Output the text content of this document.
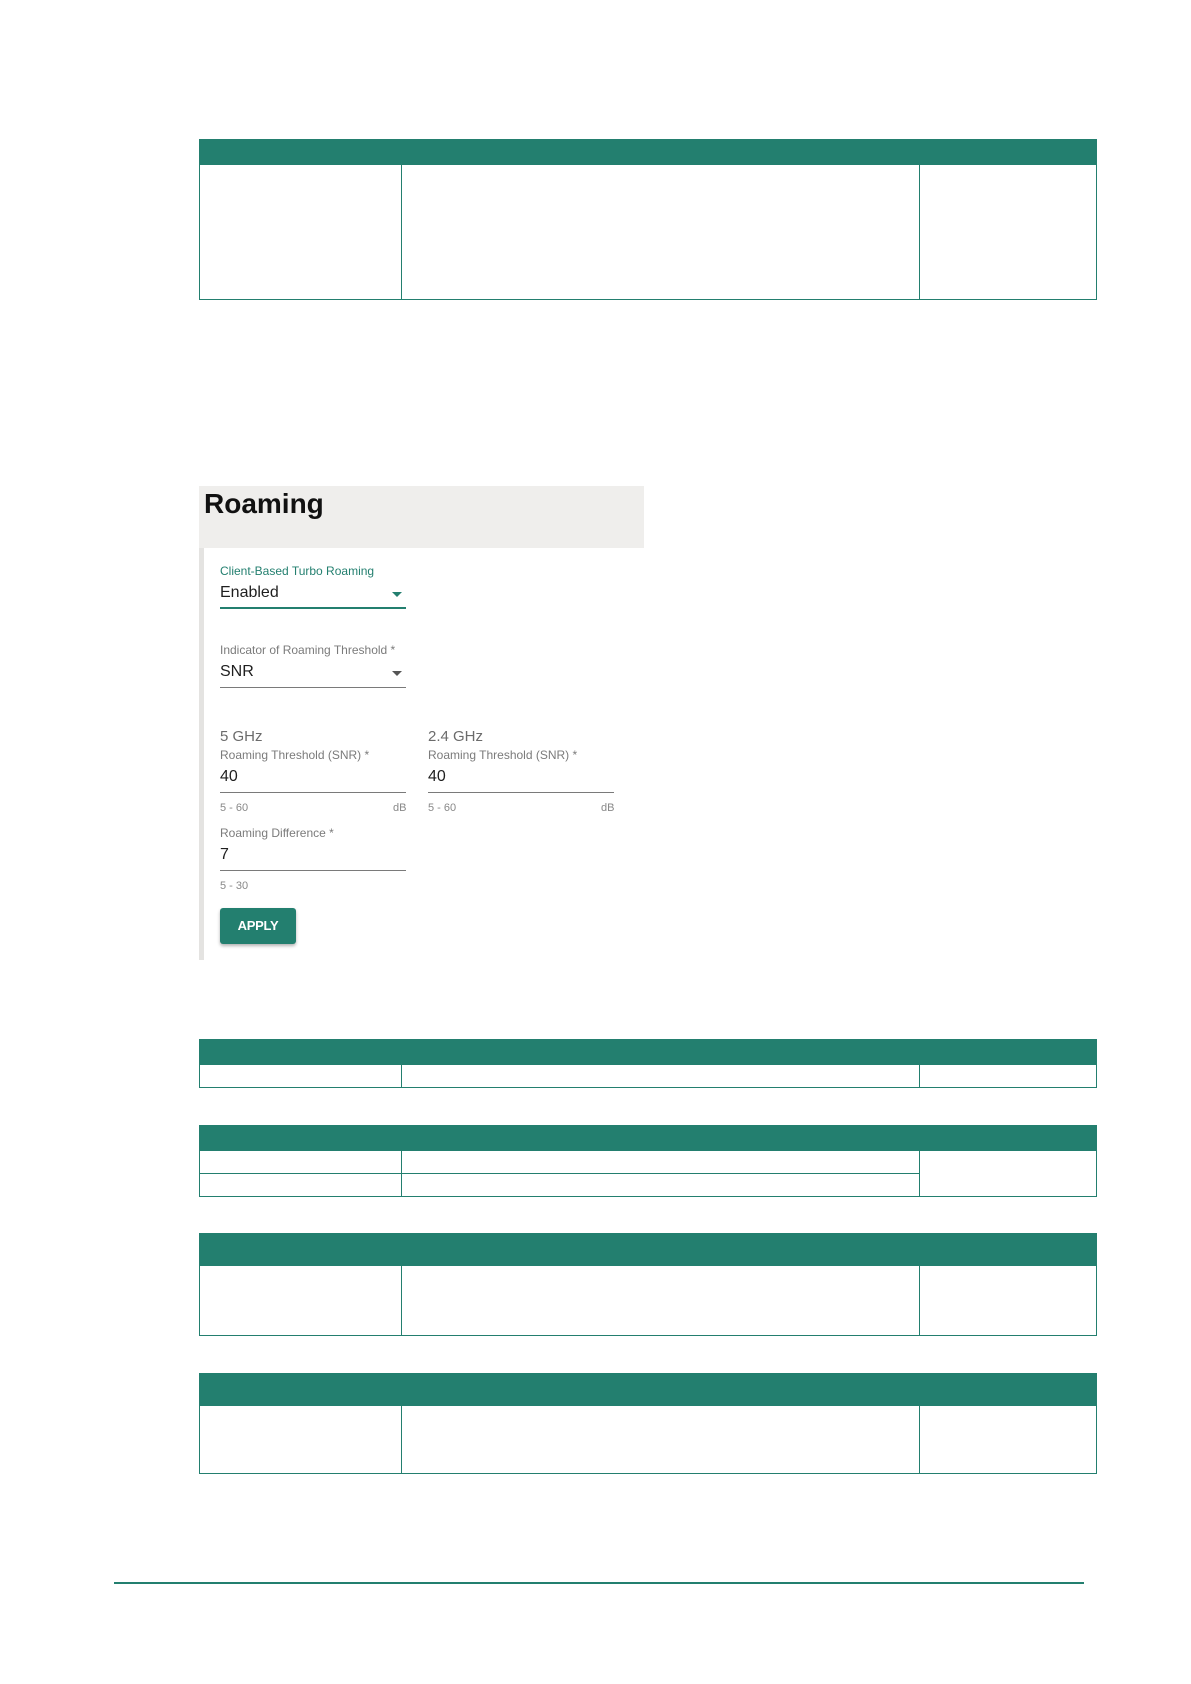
Roaming
Client-Based Turbo Roaming
Enabled
Indicator of Roaming Threshold *
SNR
5 GHz
Roaming Threshold (SNR) *
40
5 - 60	dB
2.4 GHz
Roaming Threshold (SNR) *
40
5 - 60	dB
Roaming Difference *
7
5 - 30
APPLY
